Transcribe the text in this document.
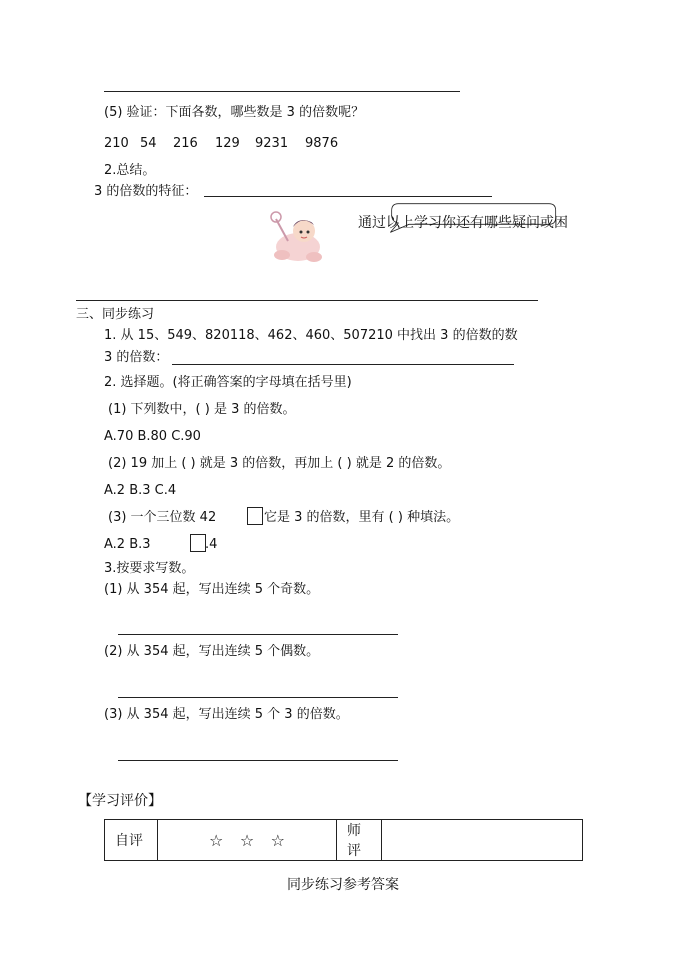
(5) 验证：下面各数，哪些数是 3 的倍数呢？
210 54 216 129 9231 9876
2.总结。
3 的倍数的特征：
通过以上学习你还有哪些疑问或困
三、同步练习
1. 从 15、549、820118、462、460、507210 中找出 3 的倍数的数
3 的倍数：
2. 选择题。(将正确答案的字母填在括号里)
(1) 下列数中，( ) 是 3 的倍数。
A.70 B.80 C.90
(2) 19 加上 ( ) 就是 3 的倍数，再加上 ( ) 就是 2 的倍数。
A.2 B.3 C.4
(3) 一个三位数 42	它是 3 的倍数，里有 ( ) 种填法。
A.2 B.3	.4
3.按要求写数。
(1) 从 354 起，写出连续 5 个奇数。
(2) 从 354 起，写出连续 5 个偶数。
(3) 从 354 起，写出连续 5 个 3 的倍数。
【学习评价】
自评	☆ ☆ ☆	师评	
同步练习参考答案
